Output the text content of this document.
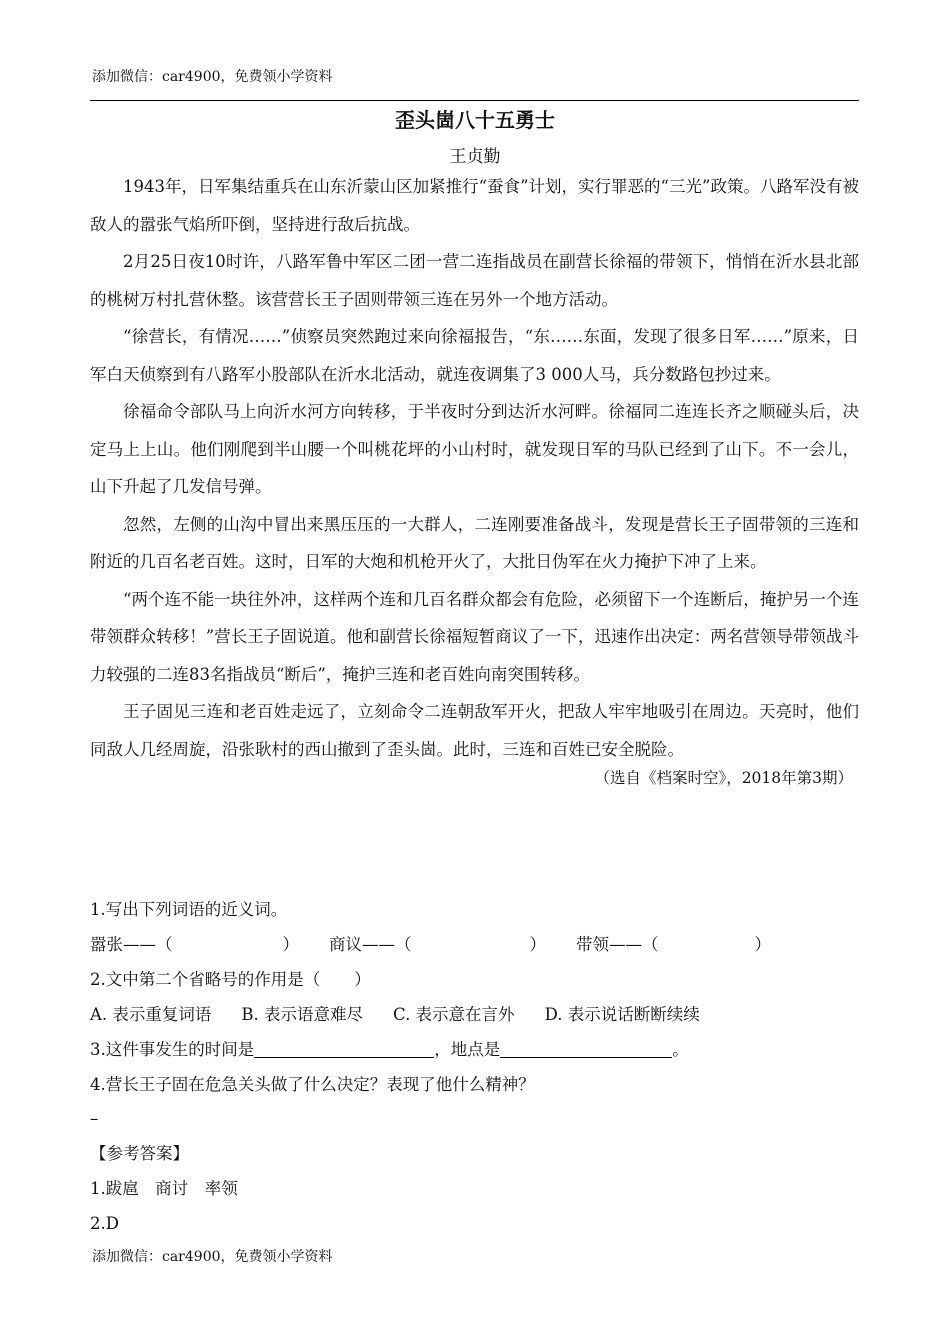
添加微信：car4900，免费领小学资料
歪头崮八十五勇士
王贞勤

1943年，日军集结重兵在山东沂蒙山区加紧推行“蚕食”计划，实行罪恶的“三光”政策。八路军没有被敌人的嚣张气焰所吓倒，坚持进行敌后抗战。

2月25日夜10时许，八路军鲁中军区二团一营二连指战员在副营长徐福的带领下，悄悄在沂水县北部的桃树万村扎营休整。该营营长王子固则带领三连在另外一个地方活动。

“徐营长，有情况……”侦察员突然跑过来向徐福报告，“东……东面，发现了很多日军……”原来，日军白天侦察到有八路军小股部队在沂水北活动，就连夜调集了3 000人马，兵分数路包抄过来。

徐福命令部队马上向沂水河方向转移，于半夜时分到达沂水河畔。徐福同二连连长齐之顺碰头后，决定马上上山。他们刚爬到半山腰一个叫桃花坪的小山村时，就发现日军的马队已经到了山下。不一会儿，山下升起了几发信号弹。

忽然，左侧的山沟中冒出来黑压压的一大群人，二连刚要准备战斗，发现是营长王子固带领的三连和附近的几百名老百姓。这时，日军的大炮和机枪开火了，大批日伪军在火力掩护下冲了上来。

“两个连不能一块往外冲，这样两个连和几百名群众都会有危险，必须留下一个连断后，掩护另一个连带领群众转移！”营长王子固说道。他和副营长徐福短暂商议了一下，迅速作出决定：两名营领导带领战斗力较强的二连83名指战员“断后”，掩护三连和老百姓向南突围转移。

王子固见三连和老百姓走远了，立刻命令二连朝敌军开火，把敌人牢牢地吸引在周边。天亮时，他们同敌人几经周旋，沿张耿村的西山撤到了歪头崮。此时，三连和百姓已安全脱险。

（选自《档案时空》，2018年第3期）

1.写出下列词语的近义词。
嚣张——（	） 商议——（	） 带领——（	）
2.文中第二个省略号的作用是（ ）
A. 表示重复词语 B. 表示语意难尽 C. 表示意在言外 D. 表示说话断断续续
3.这件事发生的时间是	，地点是	。
4.营长王子固在危急关头做了什么决定？表现了他什么精神？
–
【参考答案】
1.跋扈　商讨　率领
2.D
添加微信：car4900，免费领小学资料
